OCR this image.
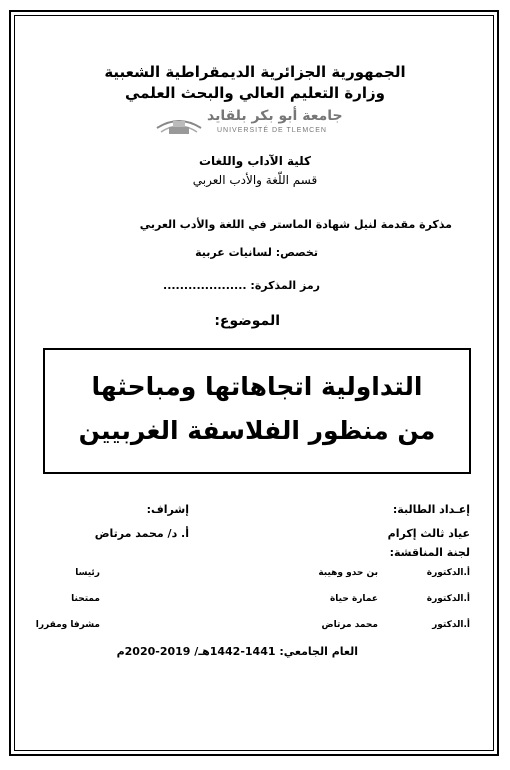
الجمهورية الجزائرية الديمقراطية الشعبية
وزارة التعليم العالي والبحث العلمي
جامعة أبو بكر بلقايد
UNIVERSITÉ DE TLEMCEN
كلية الآداب واللغات
قسم اللّغة والأدب العربي
مذكرة مقدمة لنيل شهادة الماستر في اللغة والأدب العربي
تخصص: لسانيات عربية
رمز المذكرة: ....................
الموضوع:
التداولية اتجاهاتها ومباحثها
من منظور الفلاسفة الغربيين
إعـداد الطالبة:
عياد ثالث إكرام
إشراف:
أ. د/ محمد مرتاض
لجنة المناقشة:
أ.الدكتورة
بن حدو وهيبة
رئيسا
أ.الدكتورة
عمارة حياة
ممتحنا
أ.الدكتور
محمد مرتاض
مشرفا ومقررا
العام الجامعي: 1441-1442هـ/ 2019-2020م
